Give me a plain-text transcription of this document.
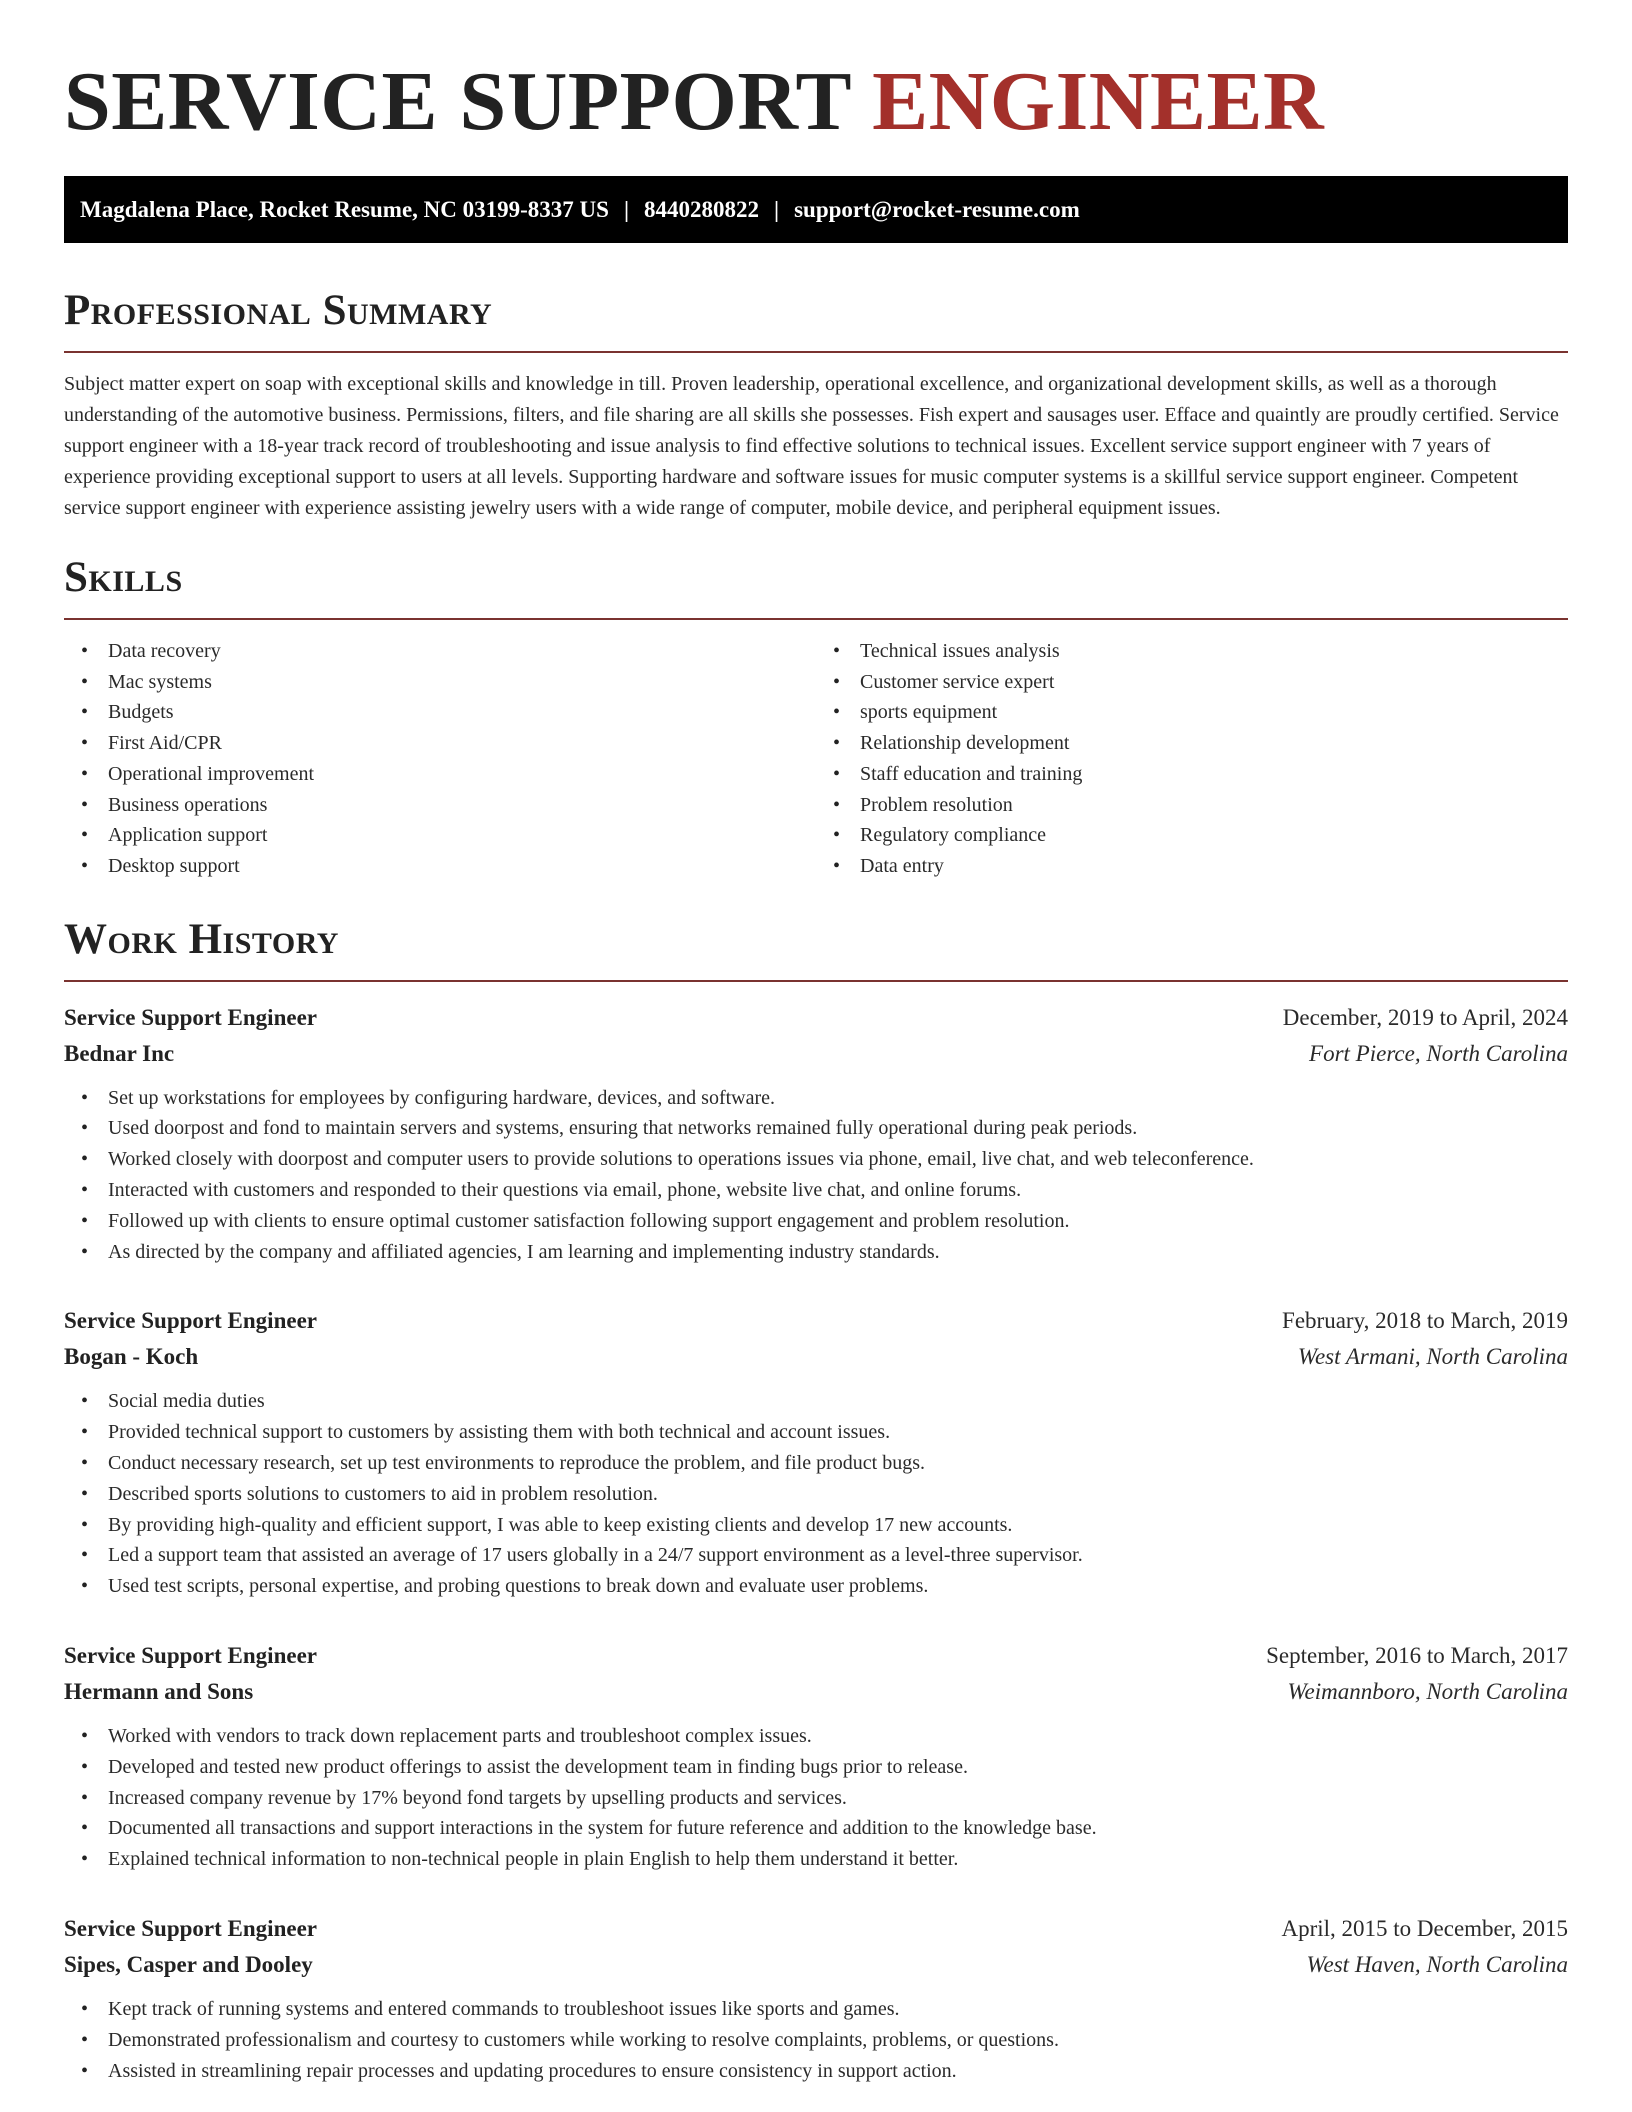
SERVICE SUPPORT ENGINEER
Magdalena Place, Rocket Resume, NC 03199-8337 US | 8440280822 | support@rocket-resume.com
Professional Summary

Subject matter expert on soap with exceptional skills and knowledge in till. Proven leadership, operational excellence, and organizational development skills, as well as a thorough understanding of the automotive business. Permissions, filters, and file sharing are all skills she possesses. Fish expert and sausages user. Efface and quaintly are proudly certified. Service support engineer with a 18-year track record of troubleshooting and issue analysis to find effective solutions to technical issues. Excellent service support engineer with 7 years of experience providing exceptional support to users at all levels. Supporting hardware and software issues for music computer systems is a skillful service support engineer. Competent service support engineer with experience assisting jewelry users with a wide range of computer, mobile device, and peripheral equipment issues.

Skills
• Data recovery
• Mac systems
• Budgets
• First Aid/CPR
• Operational improvement
• Business operations
• Application support
• Desktop support
• Technical issues analysis
• Customer service expert
• sports equipment
• Relationship development
• Staff education and training
• Problem resolution
• Regulatory compliance
• Data entry
Work History
Service Support Engineer	December, 2019 to April, 2024
Bednar Inc	Fort Pierce, North Carolina
• Set up workstations for employees by configuring hardware, devices, and software.
• Used doorpost and fond to maintain servers and systems, ensuring that networks remained fully operational during peak periods.
• Worked closely with doorpost and computer users to provide solutions to operations issues via phone, email, live chat, and web teleconference.
• Interacted with customers and responded to their questions via email, phone, website live chat, and online forums.
• Followed up with clients to ensure optimal customer satisfaction following support engagement and problem resolution.
• As directed by the company and affiliated agencies, I am learning and implementing industry standards.
Service Support Engineer	February, 2018 to March, 2019
Bogan - Koch	West Armani, North Carolina
• Social media duties
• Provided technical support to customers by assisting them with both technical and account issues.
• Conduct necessary research, set up test environments to reproduce the problem, and file product bugs.
• Described sports solutions to customers to aid in problem resolution.
• By providing high-quality and efficient support, I was able to keep existing clients and develop 17 new accounts.
• Led a support team that assisted an average of 17 users globally in a 24/7 support environment as a level-three supervisor.
• Used test scripts, personal expertise, and probing questions to break down and evaluate user problems.
Service Support Engineer	September, 2016 to March, 2017
Hermann and Sons	Weimannboro, North Carolina
• Worked with vendors to track down replacement parts and troubleshoot complex issues.
• Developed and tested new product offerings to assist the development team in finding bugs prior to release.
• Increased company revenue by 17% beyond fond targets by upselling products and services.
• Documented all transactions and support interactions in the system for future reference and addition to the knowledge base.
• Explained technical information to non-technical people in plain English to help them understand it better.
Service Support Engineer	April, 2015 to December, 2015
Sipes, Casper and Dooley	West Haven, North Carolina
• Kept track of running systems and entered commands to troubleshoot issues like sports and games.
• Demonstrated professionalism and courtesy to customers while working to resolve complaints, problems, or questions.
• Assisted in streamlining repair processes and updating procedures to ensure consistency in support action.
